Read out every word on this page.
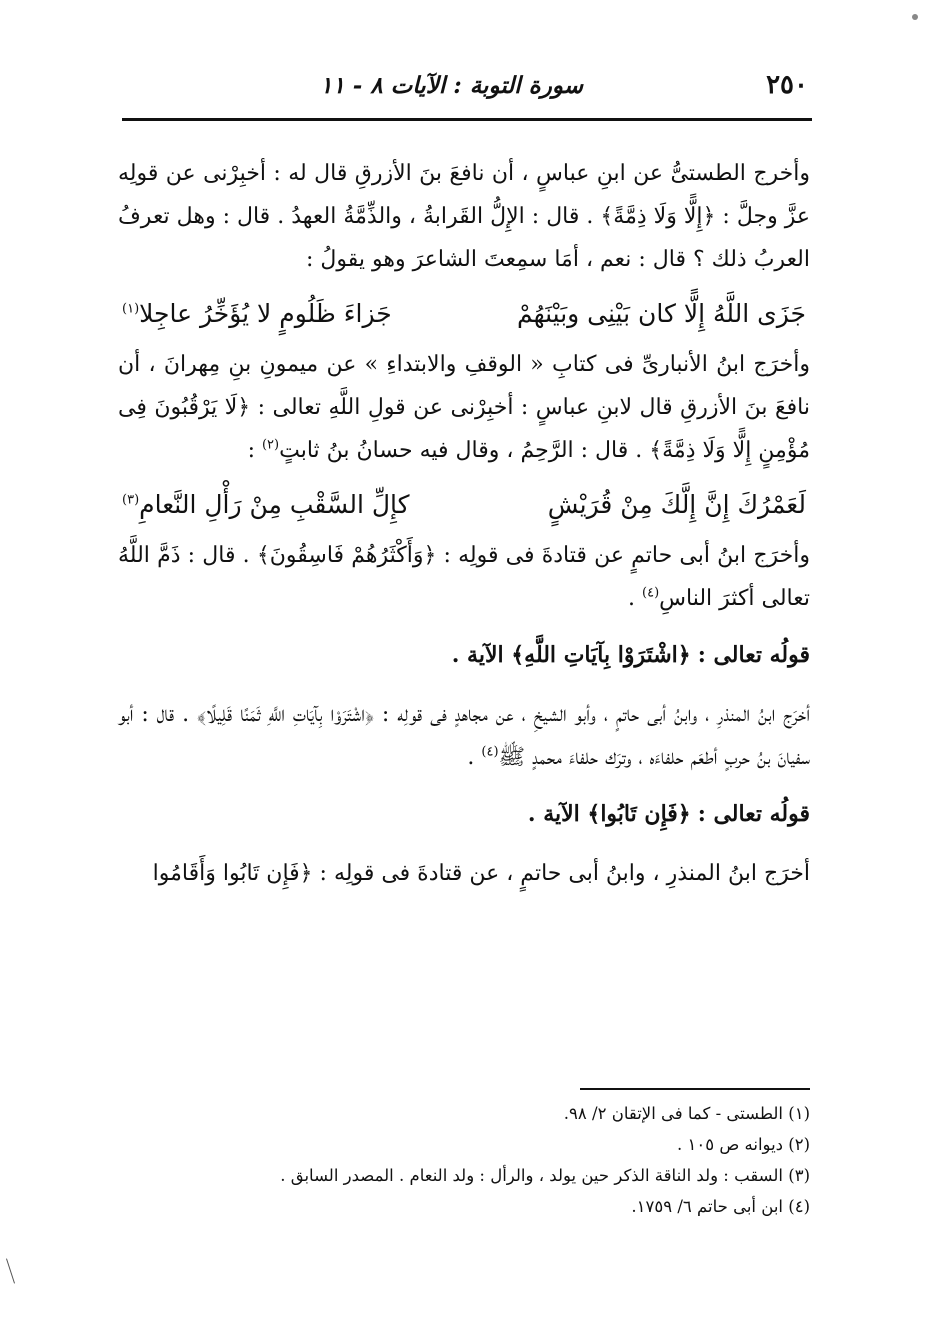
٢٥٠
سورة التوبة : الآيات ٨ - ١١

وأخرج الطستىُّ عن ابنِ عباسٍ ، أن نافعَ بنَ الأزرقِ قال له : أخبِرْنى عن قولِه عزَّ وجلَّ : ﴿إِلًّا وَلَا ذِمَّةً﴾ . قال : الإِلُّ القَرابةُ ، والذِّمَّةُ العهدُ . قال : وهل تعرفُ العربُ ذلك ؟ قال : نعم ، أمَا سمِعتَ الشاعرَ وهو يقولُ :

جَزَى اللَّهُ إِلًّا كان بَيْنِى وبَيْنَهُمْ
جَزاءَ ظَلُومٍ لا يُؤَخِّرُ عاجِلا$^{(١)}$

وأخرَج ابنُ الأنبارىِّ فى كتابِ « الوقفِ والابتداءِ » عن ميمونِ بنِ مِهرانَ ، أن نافعَ بنَ الأزرقِ قال لابنِ عباسٍ : أخبِرْنى عن قولِ اللَّهِ تعالى : ﴿لَا يَرْقُبُونَ فِى مُؤْمِنٍ إِلًّا وَلَا ذِمَّةً﴾ . قال : الرَّحِمُ ، وقال فيه حسانُ بنُ ثابتٍ$^{(٢)}$ :

لَعَمْرُكَ إِنَّ إِلَّكَ مِنْ قُرَيْشٍ
كإِلِّ السَّقْبِ مِنْ رَأْلِ النَّعامِ$^{(٣)}$

وأخرَج ابنُ أبى حاتمٍ عن قتادةَ فى قولِه : ﴿وَأَكْثَرُهُمْ فَاسِقُونَ﴾ . قال : ذَمَّ اللَّهُ تعالى أكثرَ الناسِ$^{(٤)}$ .

قولُه تعالى : ﴿اشْتَرَوْا بِآيَاتِ اللَّهِ﴾ الآية .

أخرَج ابنُ المنذرِ ، وابنُ أبى حاتمٍ ، وأبو الشيخِ ، عن مجاهدٍ فى قولِه : ﴿اشْتَرَوْا بِآيَاتِ اللَّهِ ثَمَنًا قَلِيلًا﴾ . قال : أبو سفيانَ بنُ حربٍ أطعَم حلفاءَه ، وترَك حلفاءَ محمدٍ ﷺ$^{(٤)}$ .

قولُه تعالى : ﴿فَإِن تَابُوا﴾ الآية .

أخرَج ابنُ المنذرِ ، وابنُ أبى حاتمٍ ، عن قتادةَ فى قولِه : ﴿فَإِن تَابُوا وَأَقَامُوا

(١) الطستى - كما فى الإتقان ٢/ ٩٨.

(٢) ديوانه ص ١٠٥ .

(٣) السقب : ولد الناقة الذكر حين يولد ، والرأل : ولد النعام . المصدر السابق .

(٤) ابن أبى حاتم ٦/ ١٧٥٩.
